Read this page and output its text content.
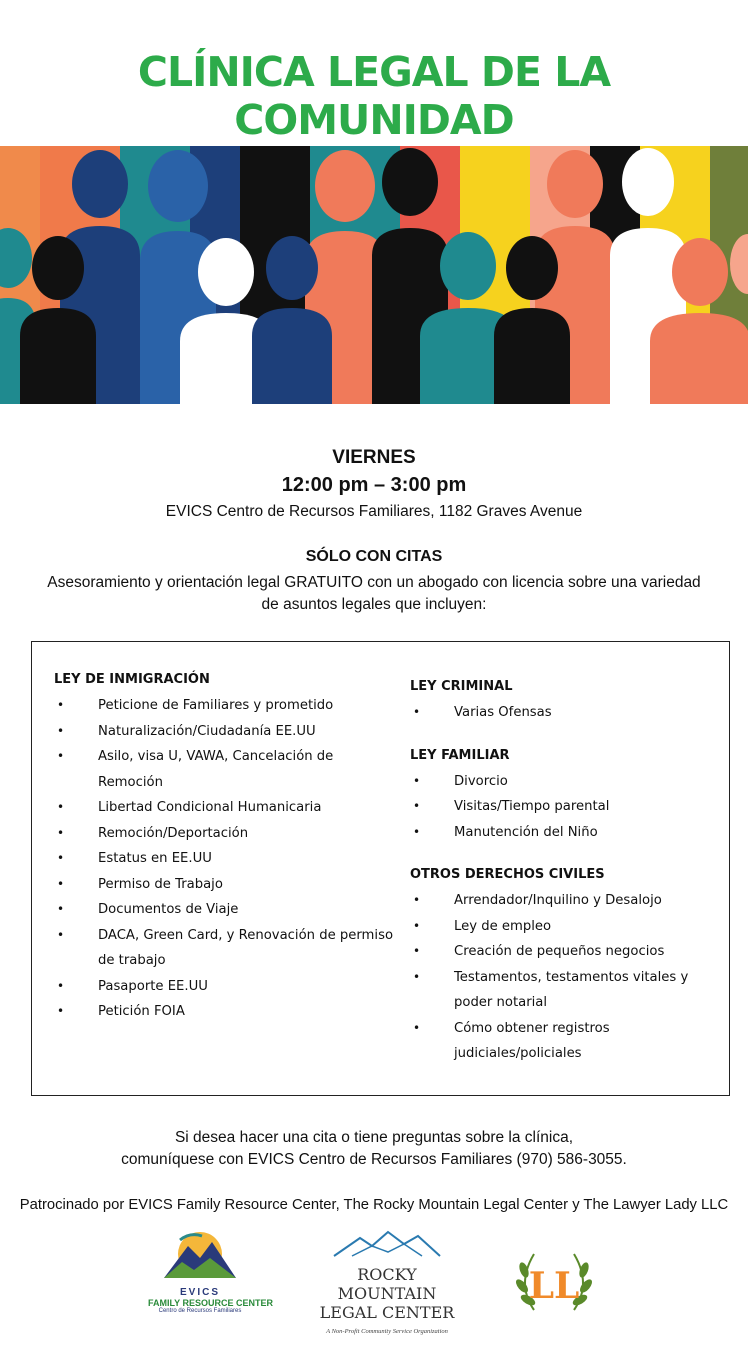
CLÍNICA LEGAL DE LA COMUNIDAD
VIERNES
12:00 pm – 3:00 pm
EVICS Centro de Recursos Familiares, 1182 Graves Avenue
SÓLO CON CITAS
Asesoramiento y orientación legal GRATUITO con un abogado con licencia sobre una variedad de asuntos legales que incluyen:
LEY DE INMIGRACIÓN
•	Peticione de Familiares y prometido
•	Naturalización/Ciudadanía EE.UU
•	Asilo, visa U, VAWA, Cancelación de Remoción
•	Libertad Condicional Humanicaria
•	Remoción/Deportación
•	Estatus en EE.UU
•	Permiso de Trabajo
•	Documentos de Viaje
•	DACA, Green Card, y Renovación de permiso de trabajo
•	Pasaporte EE.UU
•	Petición FOIA
LEY CRIMINAL
•	Varias Ofensas
LEY FAMILIAR
•	Divorcio
•	Visitas/Tiempo parental
•	Manutención del Niño
OTROS DERECHOS CIVILES
•	Arrendador/Inquilino y Desalojo
•	Ley de empleo
•	Creación de pequeños negocios
•	Testamentos, testamentos vitales y poder notarial
•	Cómo obtener registros judiciales/policiales
Si desea hacer una cita o tiene preguntas sobre la clínica,
comuníquese con EVICS Centro de Recursos Familiares (970) 586-3055.
Patrocinado por EVICS Family Resource Center, The Rocky Mountain Legal Center y The Lawyer Lady LLC
EVICS
FAMILY RESOURCE CENTER
Centro de Recursos Familiares
ROCKY MOUNTAIN
LEGAL CENTER
A Non-Profit Community Service Organization
LL
